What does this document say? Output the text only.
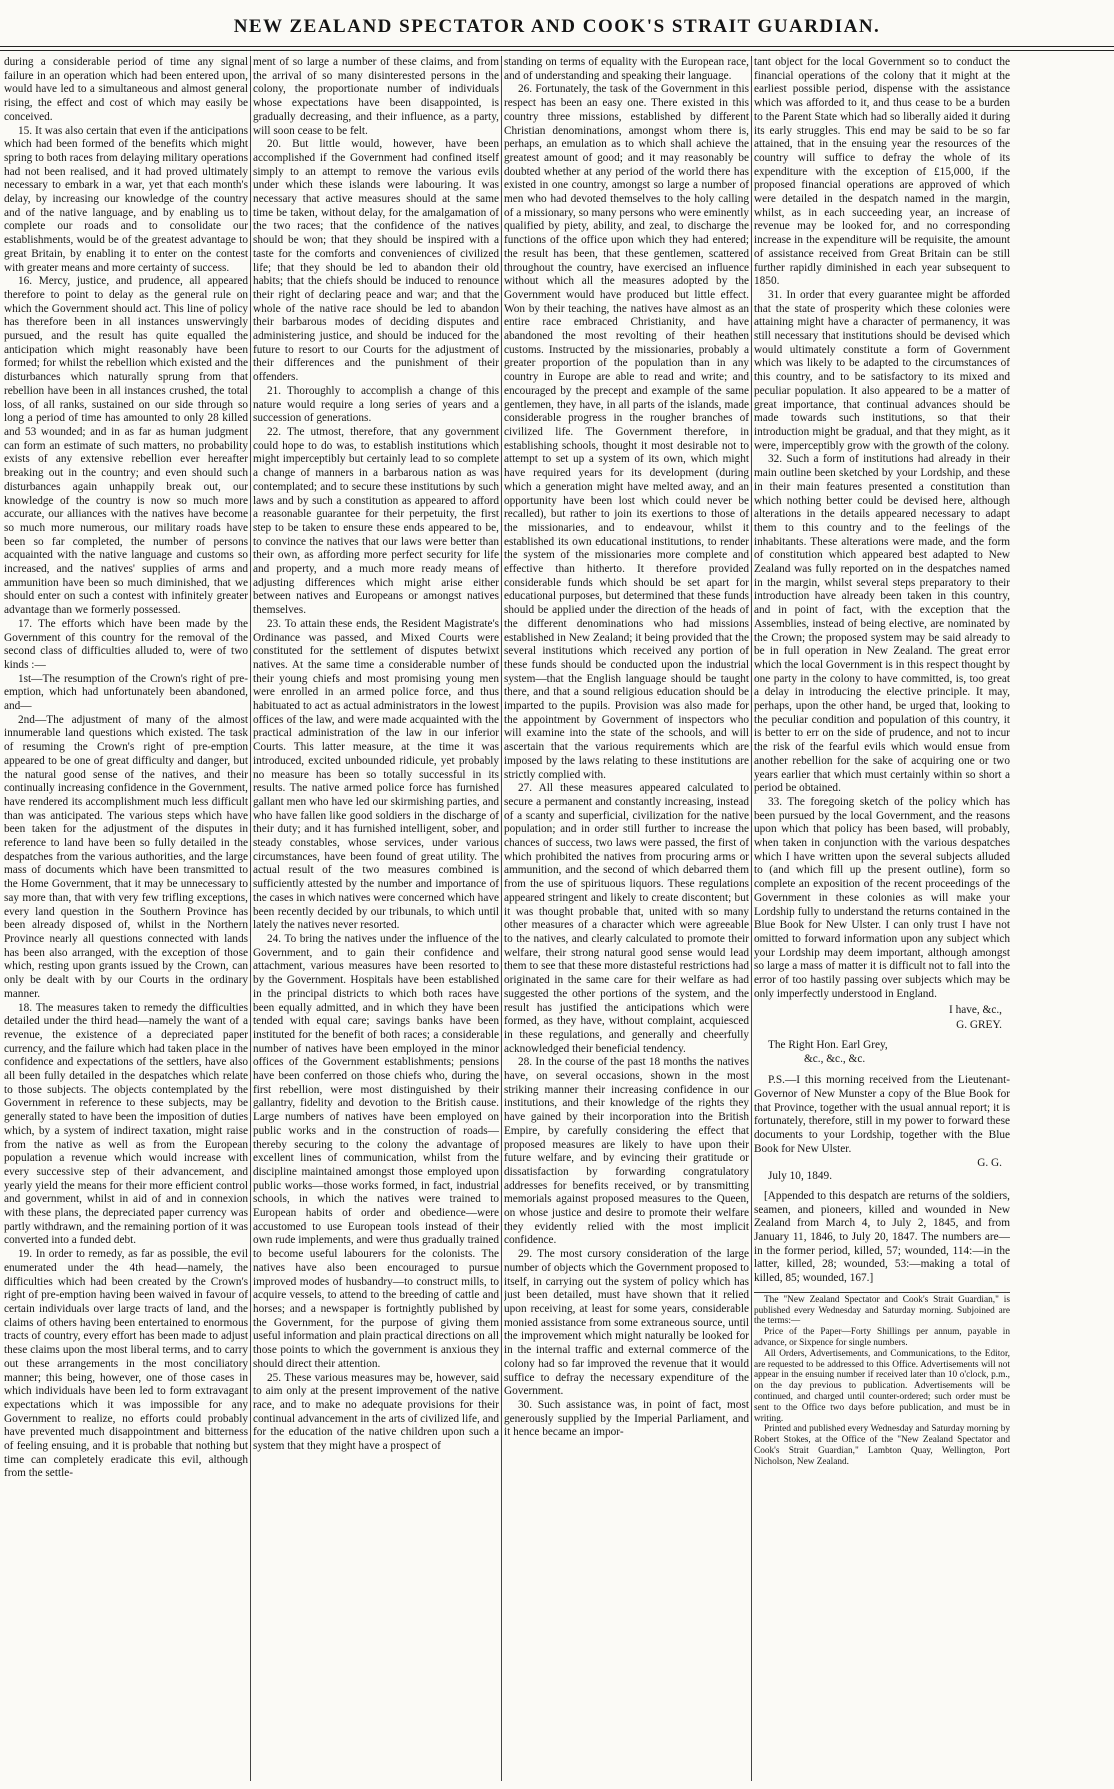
NEW ZEALAND SPECTATOR AND COOK'S STRAIT GUARDIAN.

during a considerable period of time any signal failure in an operation which had been entered upon, would have led to a simultaneous and almost general rising, the effect and cost of which may easily be conceived.

15. It was also certain that even if the anticipations which had been formed of the benefits which might spring to both races from delaying military operations had not been realised, and it had proved ultimately necessary to embark in a war, yet that each month's delay, by increasing our knowledge of the country and of the native language, and by enabling us to complete our roads and to consolidate our establishments, would be of the greatest advantage to great Britain, by enabling it to enter on the contest with greater means and more certainty of success.

16. Mercy, justice, and prudence, all appeared therefore to point to delay as the general rule on which the Government should act. This line of policy has therefore been in all instances unswervingly pursued, and the result has quite equalled the anticipation which might reasonably have been formed; for whilst the rebellion which existed and the disturbances which naturally sprung from that rebellion have been in all instances crushed, the total loss, of all ranks, sustained on our side through so long a period of time has amounted to only 28 killed and 53 wounded; and in as far as human judgment can form an estimate of such matters, no probability exists of any extensive rebellion ever hereafter breaking out in the country; and even should such disturbances again unhappily break out, our knowledge of the country is now so much more accurate, our alliances with the natives have become so much more numerous, our military roads have been so far completed, the number of persons acquainted with the native language and customs so increased, and the natives' supplies of arms and ammunition have been so much diminished, that we should enter on such a contest with infinitely greater advantage than we formerly possessed.

17. The efforts which have been made by the Government of this country for the removal of the second class of difficulties alluded to, were of two kinds :—

1st—The resumption of the Crown's right of pre-emption, which had unfortunately been abandoned, and—

2nd—The adjustment of many of the almost innumerable land questions which existed. The task of resuming the Crown's right of pre-emption appeared to be one of great difficulty and danger, but the natural good sense of the natives, and their continually increasing confidence in the Government, have rendered its accomplishment much less difficult than was anticipated. The various steps which have been taken for the adjustment of the disputes in reference to land have been so fully detailed in the despatches from the various authorities, and the large mass of documents which have been transmitted to the Home Government, that it may be unnecessary to say more than, that with very few trifling exceptions, every land question in the Southern Province has been already disposed of, whilst in the Northern Province nearly all questions connected with lands has been also arranged, with the exception of those which, resting upon grants issued by the Crown, can only be dealt with by our Courts in the ordinary manner.

18. The measures taken to remedy the difficulties detailed under the third head—namely the want of a revenue, the existence of a depreciated paper currency, and the failure which had taken place in the confidence and expectations of the settlers, have also all been fully detailed in the despatches which relate to those subjects. The objects contemplated by the Government in reference to these subjects, may be generally stated to have been the imposition of duties which, by a system of indirect taxation, might raise from the native as well as from the European population a revenue which would increase with every successive step of their advancement, and yearly yield the means for their more efficient control and government, whilst in aid of and in connexion with these plans, the depreciated paper currency was partly withdrawn, and the remaining portion of it was converted into a funded debt.

19. In order to remedy, as far as possible, the evil enumerated under the 4th head—namely, the difficulties which had been created by the Crown's right of pre-emption having been waived in favour of certain individuals over large tracts of land, and the claims of others having been entertained to enormous tracts of country, every effort has been made to adjust these claims upon the most liberal terms, and to carry out these arrangements in the most conciliatory manner; this being, however, one of those cases in which individuals have been led to form extravagant expectations which it was impossible for any Government to realize, no efforts could probably have prevented much disappointment and bitterness of feeling ensuing, and it is probable that nothing but time can completely eradicate this evil, although from the settle-

ment of so large a number of these claims, and from the arrival of so many disinterested persons in the colony, the proportionate number of individuals whose expectations have been disappointed, is gradually decreasing, and their influence, as a party, will soon cease to be felt.

20. But little would, however, have been accomplished if the Government had confined itself simply to an attempt to remove the various evils under which these islands were labouring. It was necessary that active measures should at the same time be taken, without delay, for the amalgamation of the two races; that the confidence of the natives should be won; that they should be inspired with a taste for the comforts and conveniences of civilized life; that they should be led to abandon their old habits; that the chiefs should be induced to renounce their right of declaring peace and war; and that the whole of the native race should be led to abandon their barbarous modes of deciding disputes and administering justice, and should be induced for the future to resort to our Courts for the adjustment of their differences and the punishment of their offenders.

21. Thoroughly to accomplish a change of this nature would require a long series of years and a succession of generations.

22. The utmost, therefore, that any government could hope to do was, to establish institutions which might imperceptibly but certainly lead to so complete a change of manners in a barbarous nation as was contemplated; and to secure these institutions by such laws and by such a constitution as appeared to afford a reasonable guarantee for their perpetuity, the first step to be taken to ensure these ends appeared to be, to convince the natives that our laws were better than their own, as affording more perfect security for life and property, and a much more ready means of adjusting differences which might arise either between natives and Europeans or amongst natives themselves.

23. To attain these ends, the Resident Magistrate's Ordinance was passed, and Mixed Courts were constituted for the settlement of disputes betwixt natives. At the same time a considerable number of their young chiefs and most promising young men were enrolled in an armed police force, and thus habituated to act as actual administrators in the lowest offices of the law, and were made acquainted with the practical administration of the law in our inferior Courts. This latter measure, at the time it was introduced, excited unbounded ridicule, yet probably no measure has been so totally successful in its results. The native armed police force has furnished gallant men who have led our skirmishing parties, and who have fallen like good soldiers in the discharge of their duty; and it has furnished intelligent, sober, and steady constables, whose services, under various circumstances, have been found of great utility. The actual result of the two measures combined is sufficiently attested by the number and importance of the cases in which natives were concerned which have been recently decided by our tribunals, to which until lately the natives never resorted.

24. To bring the natives under the influence of the Government, and to gain their confidence and attachment, various measures have been resorted to by the Government. Hospitals have been established in the principal districts to which both races have been equally admitted, and in which they have been tended with equal care; savings banks have been instituted for the benefit of both races; a considerable number of natives have been employed in the minor offices of the Government establishments; pensions have been conferred on those chiefs who, during the first rebellion, were most distinguished by their gallantry, fidelity and devotion to the British cause. Large numbers of natives have been employed on public works and in the construction of roads—thereby securing to the colony the advantage of excellent lines of communication, whilst from the discipline maintained amongst those employed upon public works—those works formed, in fact, industrial schools, in which the natives were trained to European habits of order and obedience—were accustomed to use European tools instead of their own rude implements, and were thus gradually trained to become useful labourers for the colonists. The natives have also been encouraged to pursue improved modes of husbandry—to construct mills, to acquire vessels, to attend to the breeding of cattle and horses; and a newspaper is fortnightly published by the Government, for the purpose of giving them useful information and plain practical directions on all those points to which the government is anxious they should direct their attention.

25. These various measures may be, however, said to aim only at the present improvement of the native race, and to make no adequate provisions for their continual advancement in the arts of civilized life, and for the education of the native children upon such a system that they might have a prospect of

standing on terms of equality with the European race, and of understanding and speaking their language.

26. Fortunately, the task of the Government in this respect has been an easy one. There existed in this country three missions, established by different Christian denominations, amongst whom there is, perhaps, an emulation as to which shall achieve the greatest amount of good; and it may reasonably be doubted whether at any period of the world there has existed in one country, amongst so large a number of men who had devoted themselves to the holy calling of a missionary, so many persons who were eminently qualified by piety, ability, and zeal, to discharge the functions of the office upon which they had entered; the result has been, that these gentlemen, scattered throughout the country, have exercised an influence without which all the measures adopted by the Government would have produced but little effect. Won by their teaching, the natives have almost as an entire race embraced Christianity, and have abandoned the most revolting of their heathen customs. Instructed by the missionaries, probably a greater proportion of the population than in any country in Europe are able to read and write; and encouraged by the precept and example of the same gentlemen, they have, in all parts of the islands, made considerable progress in the rougher branches of civilized life. The Government therefore, in establishing schools, thought it most desirable not to attempt to set up a system of its own, which might have required years for its development (during which a generation might have melted away, and an opportunity have been lost which could never be recalled), but rather to join its exertions to those of the missionaries, and to endeavour, whilst it established its own educational institutions, to render the system of the missionaries more complete and effective than hitherto. It therefore provided considerable funds which should be set apart for educational purposes, but determined that these funds should be applied under the direction of the heads of the different denominations who had missions established in New Zealand; it being provided that the several institutions which received any portion of these funds should be conducted upon the industrial system—that the English language should be taught there, and that a sound religious education should be imparted to the pupils. Provision was also made for the appointment by Government of inspectors who will examine into the state of the schools, and will ascertain that the various requirements which are imposed by the laws relating to these institutions are strictly complied with.

27. All these measures appeared calculated to secure a permanent and constantly increasing, instead of a scanty and superficial, civilization for the native population; and in order still further to increase the chances of success, two laws were passed, the first of which prohibited the natives from procuring arms or ammunition, and the second of which debarred them from the use of spirituous liquors. These regulations appeared stringent and likely to create discontent; but it was thought probable that, united with so many other measures of a character which were agreeable to the natives, and clearly calculated to promote their welfare, their strong natural good sense would lead them to see that these more distasteful restrictions had originated in the same care for their welfare as had suggested the other portions of the system, and the result has justified the anticipations which were formed, as they have, without complaint, acquiesced in these regulations, and generally and cheerfully acknowledged their beneficial tendency.

28. In the course of the past 18 months the natives have, on several occasions, shown in the most striking manner their increasing confidence in our institutions, and their knowledge of the rights they have gained by their incorporation into the British Empire, by carefully considering the effect that proposed measures are likely to have upon their future welfare, and by evincing their gratitude or dissatisfaction by forwarding congratulatory addresses for benefits received, or by transmitting memorials against proposed measures to the Queen, on whose justice and desire to promote their welfare they evidently relied with the most implicit confidence.

29. The most cursory consideration of the large number of objects which the Government proposed to itself, in carrying out the system of policy which has just been detailed, must have shown that it relied upon receiving, at least for some years, considerable monied assistance from some extraneous source, until the improvement which might naturally be looked for in the internal traffic and external commerce of the colony had so far improved the revenue that it would suffice to defray the necessary expenditure of the Government.

30. Such assistance was, in point of fact, most generously supplied by the Imperial Parliament, and it hence became an impor-

tant object for the local Government so to conduct the financial operations of the colony that it might at the earliest possible period, dispense with the assistance which was afforded to it, and thus cease to be a burden to the Parent State which had so liberally aided it during its early struggles. This end may be said to be so far attained, that in the ensuing year the resources of the country will suffice to defray the whole of its expenditure with the exception of £15,000, if the proposed financial operations are approved of which were detailed in the despatch named in the margin, whilst, as in each succeeding year, an increase of revenue may be looked for, and no corresponding increase in the expenditure will be requisite, the amount of assistance received from Great Britain can be still further rapidly diminished in each year subsequent to 1850.

31. In order that every guarantee might be afforded that the state of prosperity which these colonies were attaining might have a character of permanency, it was still necessary that institutions should be devised which would ultimately constitute a form of Government which was likely to be adapted to the circumstances of this country, and to be satisfactory to its mixed and peculiar population. It also appeared to be a matter of great importance, that continual advances should be made towards such institutions, so that their introduction might be gradual, and that they might, as it were, imperceptibly grow with the growth of the colony.

32. Such a form of institutions had already in their main outline been sketched by your Lordship, and these in their main features presented a constitution than which nothing better could be devised here, although alterations in the details appeared necessary to adapt them to this country and to the feelings of the inhabitants. These alterations were made, and the form of constitution which appeared best adapted to New Zealand was fully reported on in the despatches named in the margin, whilst several steps preparatory to their introduction have already been taken in this country, and in point of fact, with the exception that the Assemblies, instead of being elective, are nominated by the Crown; the proposed system may be said already to be in full operation in New Zealand. The great error which the local Government is in this respect thought by one party in the colony to have committed, is, too great a delay in introducing the elective principle. It may, perhaps, upon the other hand, be urged that, looking to the peculiar condition and population of this country, it is better to err on the side of prudence, and not to incur the risk of the fearful evils which would ensue from another rebellion for the sake of acquiring one or two years earlier that which must certainly within so short a period be obtained.

33. The foregoing sketch of the policy which has been pursued by the local Government, and the reasons upon which that policy has been based, will probably, when taken in conjunction with the various despatches which I have written upon the several subjects alluded to (and which fill up the present outline), form so complete an exposition of the recent proceedings of the Government in these colonies as will make your Lordship fully to understand the returns contained in the Blue Book for New Ulster. I can only trust I have not omitted to forward information upon any subject which your Lordship may deem important, although amongst so large a mass of matter it is difficult not to fall into the error of too hastily passing over subjects which may be only imperfectly understood in England.

I have, &c.,
G. GREY.
The Right Hon. Earl Grey,
&c., &c., &c.

P.S.—I this morning received from the Lieutenant-Governor of New Munster a copy of the Blue Book for that Province, together with the usual annual report; it is fortunately, therefore, still in my power to forward these documents to your Lordship, together with the Blue Book for New Ulster.

G. G.
July 10, 1849.
[Appended to this despatch are returns of the soldiers, seamen, and pioneers, killed and wounded in New Zealand from March 4, to July 2, 1845, and from January 11, 1846, to July 20, 1847. The numbers are—in the former period, killed, 57; wounded, 114:—in the latter, killed, 28; wounded, 53:—making a total of killed, 85; wounded, 167.]

The "New Zealand Spectator and Cook's Strait Guardian," is published every Wednesday and Saturday morning. Subjoined are the terms:—

Price of the Paper—Forty Shillings per annum, payable in advance, or Sixpence for single numbers.

All Orders, Advertisements, and Communications, to the Editor, are requested to be addressed to this Office. Advertisements will not appear in the ensuing number if received later than 10 o'clock, p.m., on the day previous to publication. Advertisements will be continued, and charged until counter-ordered; such order must be sent to the Office two days before publication, and must be in writing.

Printed and published every Wednesday and Saturday morning by Robert Stokes, at the Office of the "New Zealand Spectator and Cook's Strait Guardian," Lambton Quay, Wellington, Port Nicholson, New Zealand.
